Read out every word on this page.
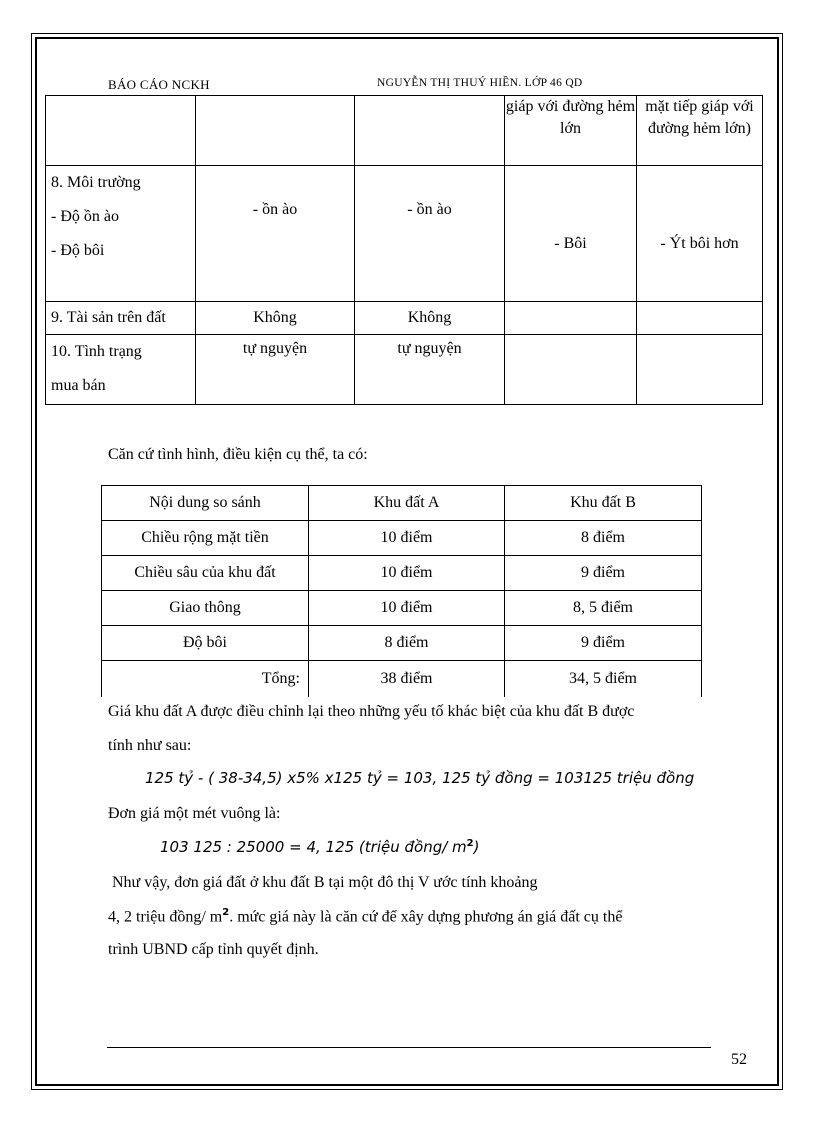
BÁO CÁO NCKH	NGUYỄN THỊ THUÝ HIỀN. LỚP 46 QD
			giáp với đường hẻm lớn	mặt tiếp giáp với đường hẻm lớn)

8. Môi trường
- Độ ồn ào
- Độ bôi	- ồn ào	- ồn ào	- Bôi	- Ýt bôi hơn
9. Tài sản trên đất	Không	Không		

10. Tình trạng
mua bán	tự nguyện	tự nguyện		
Căn cứ tình hình, điều kiện cụ thể, ta có:
Nội dung so sánh	Khu đất A	Khu đất B
Chiều rộng mặt tiền	10 điểm	8 điểm
Chiều sâu của khu đất	10 điểm	9 điểm
Giao thông	10 điểm	8, 5 điểm
Độ bôi	8 điểm	9 điểm
Tổng:	38 điểm	34, 5 điểm
Giá khu đất A được điều chỉnh lại theo những yếu tố khác biệt của khu đất B được
tính như sau:
125 tỷ - ( 38-34,5) x5% x125 tỷ = 103, 125 tỷ đồng = 103125 triệu đồng
Đơn giá một mét vuông là:
103 125 : 25000 = 4, 125 (triệu đồng/ $m^2$)
Như vậy, đơn giá đất ở khu đất B tại một đô thị V ước tính khoảng
4, 2 triệu đồng/ $m^2$. mức giá này là căn cứ để xây dựng phương án giá đất cụ thể
trình UBND cấp tỉnh quyết định.
52
